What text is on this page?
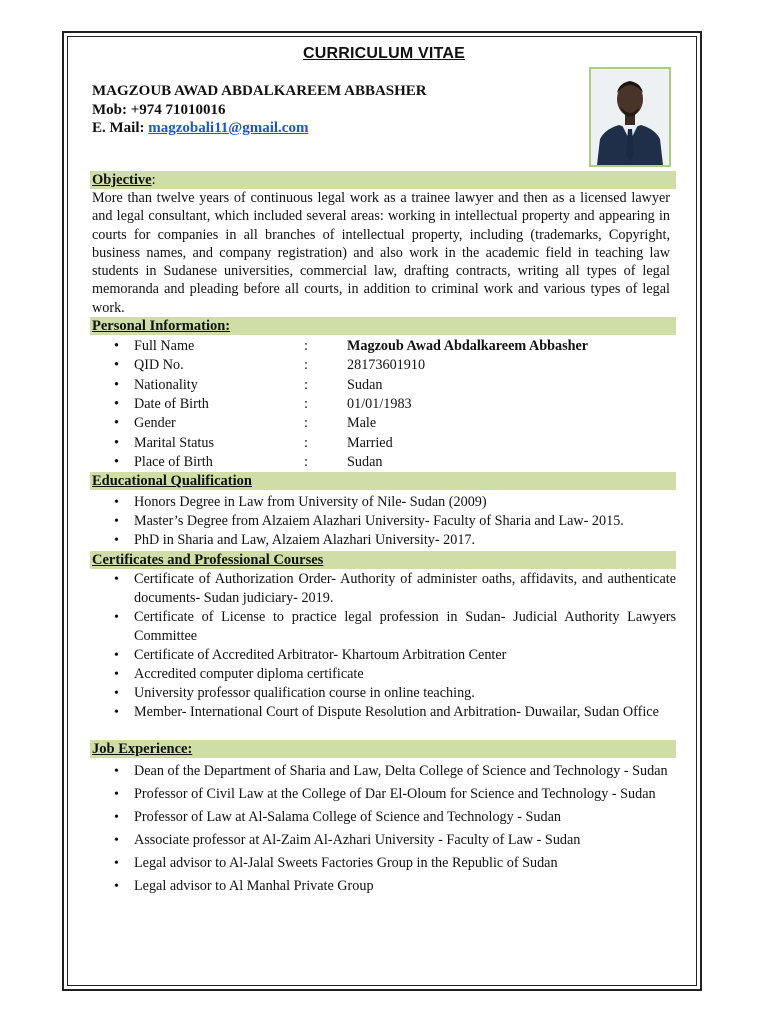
CURRICULUM VITAE
MAGZOUB AWAD ABDALKAREEM ABBASHER
Mob: +974 71010016
E. Mail: magzobali11@gmail.com
Objective:
More than twelve years of continuous legal work as a trainee lawyer and then as a licensed lawyer and legal consultant, which included several areas: working in intellectual property and appearing in courts for companies in all branches of intellectual property, including (trademarks, Copyright, business names, and company registration) and also work in the academic field in teaching law students in Sudanese universities, commercial law, drafting contracts, writing all types of legal memoranda and pleading before all courts, in addition to criminal work and various types of legal work.
Personal Information:
• Full Name	:	Magzoub Awad Abdalkareem Abbasher
• QID No.	:	28173601910
• Nationality	:	Sudan
• Date of Birth	:	01/01/1983
• Gender	:	Male
• Marital Status	:	Married
• Place of Birth	:	Sudan
Educational Qualification
• Honors Degree in Law from University of Nile- Sudan (2009)
• Master’s Degree from Alzaiem Alazhari University- Faculty of Sharia and Law- 2015.
• PhD in Sharia and Law, Alzaiem Alazhari University- 2017.
Certificates and Professional Courses
• Certificate of Authorization Order- Authority of administer oaths, affidavits, and authenticate documents- Sudan judiciary- 2019.
• Certificate of License to practice legal profession in Sudan- Judicial Authority Lawyers Committee
• Certificate of Accredited Arbitrator- Khartoum Arbitration Center
• Accredited computer diploma certificate
• University professor qualification course in online teaching.
• Member- International Court of Dispute Resolution and Arbitration- Duwailar, Sudan Office
Job Experience:
• Dean of the Department of Sharia and Law, Delta College of Science and Technology - Sudan
• Professor of Civil Law at the College of Dar El-Oloum for Science and Technology - Sudan
• Professor of Law at Al-Salama College of Science and Technology - Sudan
• Associate professor at Al-Zaim Al-Azhari University - Faculty of Law - Sudan
• Legal advisor to Al-Jalal Sweets Factories Group in the Republic of Sudan
• Legal advisor to Al Manhal Private Group
